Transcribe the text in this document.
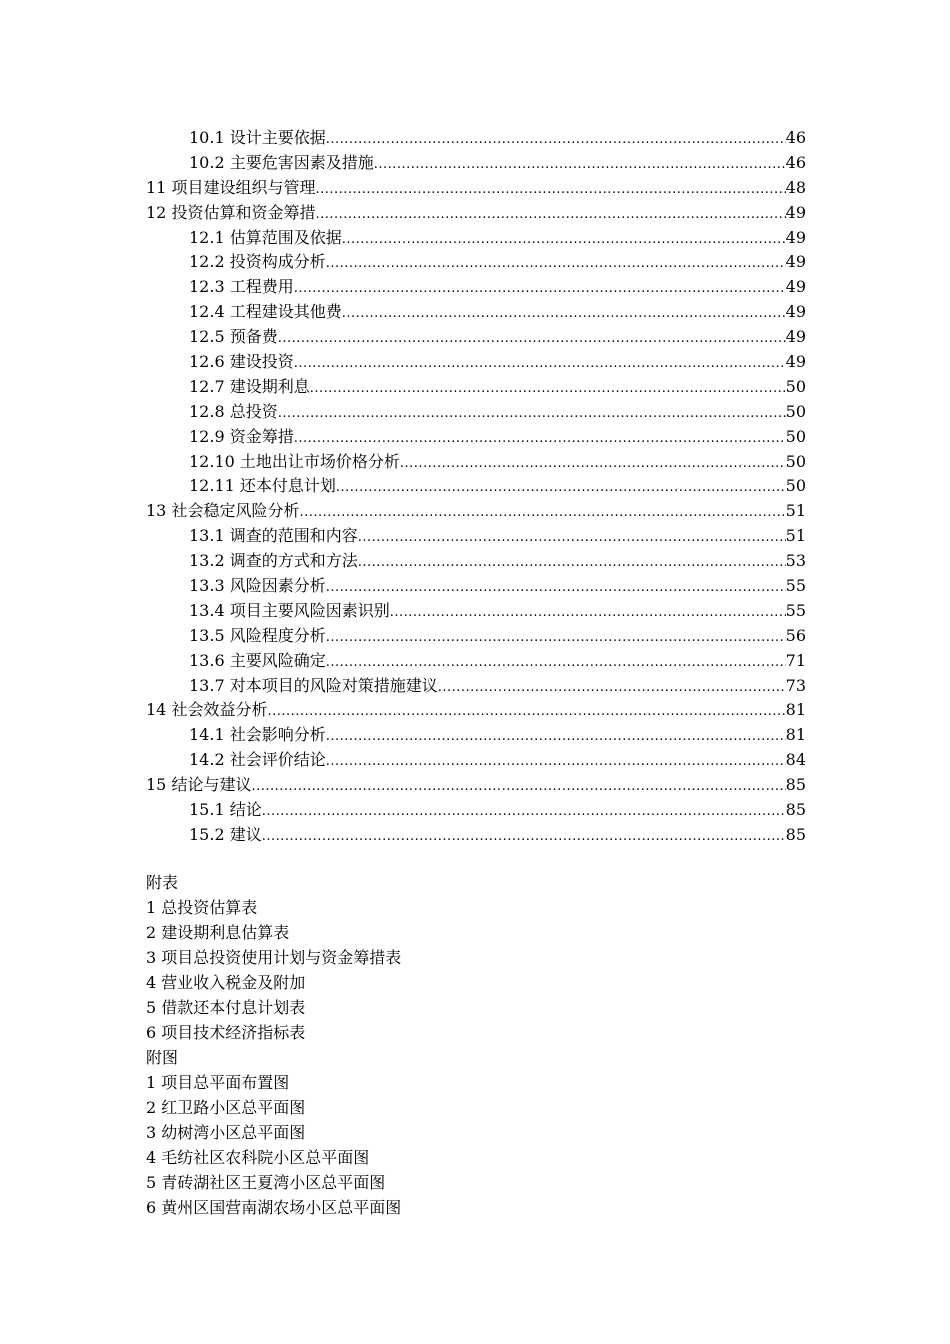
10.1 设计主要依据 .....	46
10.2 主要危害因素及措施 .....	46
11 项目建设组织与管理 .....	48
12 投资估算和资金筹措 .....	49
12.1 估算范围及依据 .....	49
12.2 投资构成分析 .....	49
12.3 工程费用 .....	49
12.4 工程建设其他费 .....	49
12.5 预备费 .....	49
12.6 建设投资 .....	49
12.7 建设期利息 .....	50
12.8 总投资 .....	50
12.9 资金筹措 .....	50
12.10 土地出让市场价格分析 .....	50
12.11 还本付息计划 .....	50
13 社会稳定风险分析 .....	51
13.1 调查的范围和内容 .....	51
13.2 调查的方式和方法 .....	53
13.3 风险因素分析 .....	55
13.4 项目主要风险因素识别 .....	55
13.5 风险程度分析 .....	56
13.6 主要风险确定 .....	71
13.7 对本项目的风险对策措施建议 .....	73
14 社会效益分析 .....	81
14.1 社会影响分析 .....	81
14.2 社会评价结论 .....	84
15 结论与建议 .....	85
15.1 结论 .....	85
15.2 建议 .....	85
附表
1 总投资估算表
2 建设期利息估算表
3 项目总投资使用计划与资金筹措表
4 营业收入税金及附加
5 借款还本付息计划表
6 项目技术经济指标表
附图
1 项目总平面布置图
2 红卫路小区总平面图
3 幼树湾小区总平面图
4 毛纺社区农科院小区总平面图
5 青砖湖社区王夏湾小区总平面图
6 黄州区国营南湖农场小区总平面图
